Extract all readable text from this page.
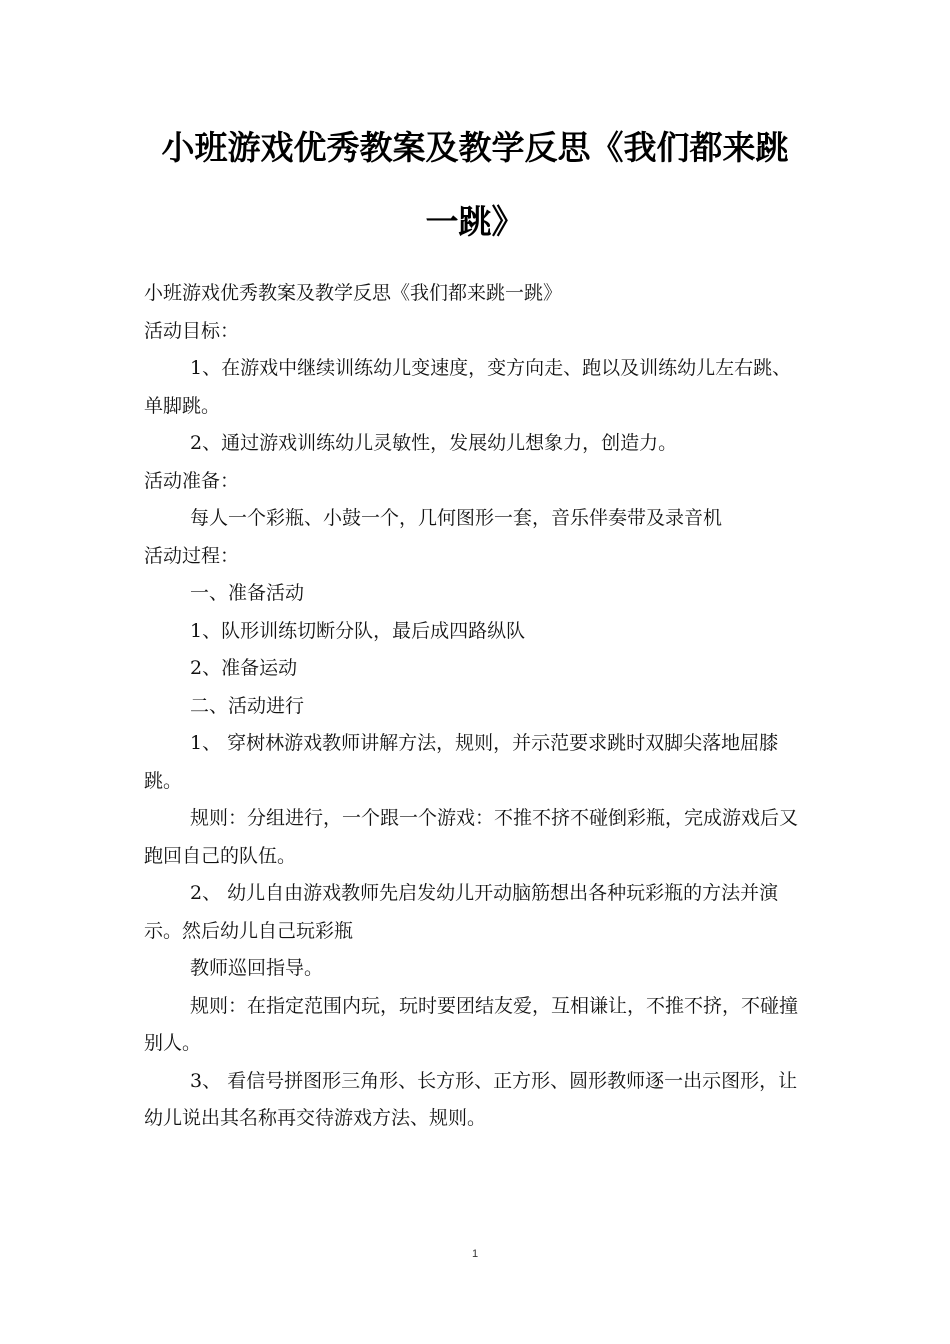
小班游戏优秀教案及教学反思《我们都来跳
一跳》

小班游戏优秀教案及教学反思《我们都来跳一跳》

活动目标：

1、在游戏中继续训练幼儿变速度，变方向走、跑以及训练幼儿左右跳、单脚跳。

2、通过游戏训练幼儿灵敏性，发展幼儿想象力，创造力。

活动准备：

每人一个彩瓶、小鼓一个，几何图形一套，音乐伴奏带及录音机

活动过程：

一、准备活动

1、队形训练切断分队，最后成四路纵队

2、准备运动

二、活动进行

1、 穿树林游戏教师讲解方法，规则，并示范要求跳时双脚尖落地屈膝跳。

规则：分组进行，一个跟一个游戏：不推不挤不碰倒彩瓶，完成游戏后又跑回自己的队伍。

2、 幼儿自由游戏教师先启发幼儿开动脑筋想出各种玩彩瓶的方法并演示。然后幼儿自己玩彩瓶

教师巡回指导。

规则：在指定范围内玩，玩时要团结友爱，互相谦让，不推不挤，不碰撞别人。

3、 看信号拼图形三角形、长方形、正方形、圆形教师逐一出示图形，让幼儿说出其名称再交待游戏方法、规则。

1
